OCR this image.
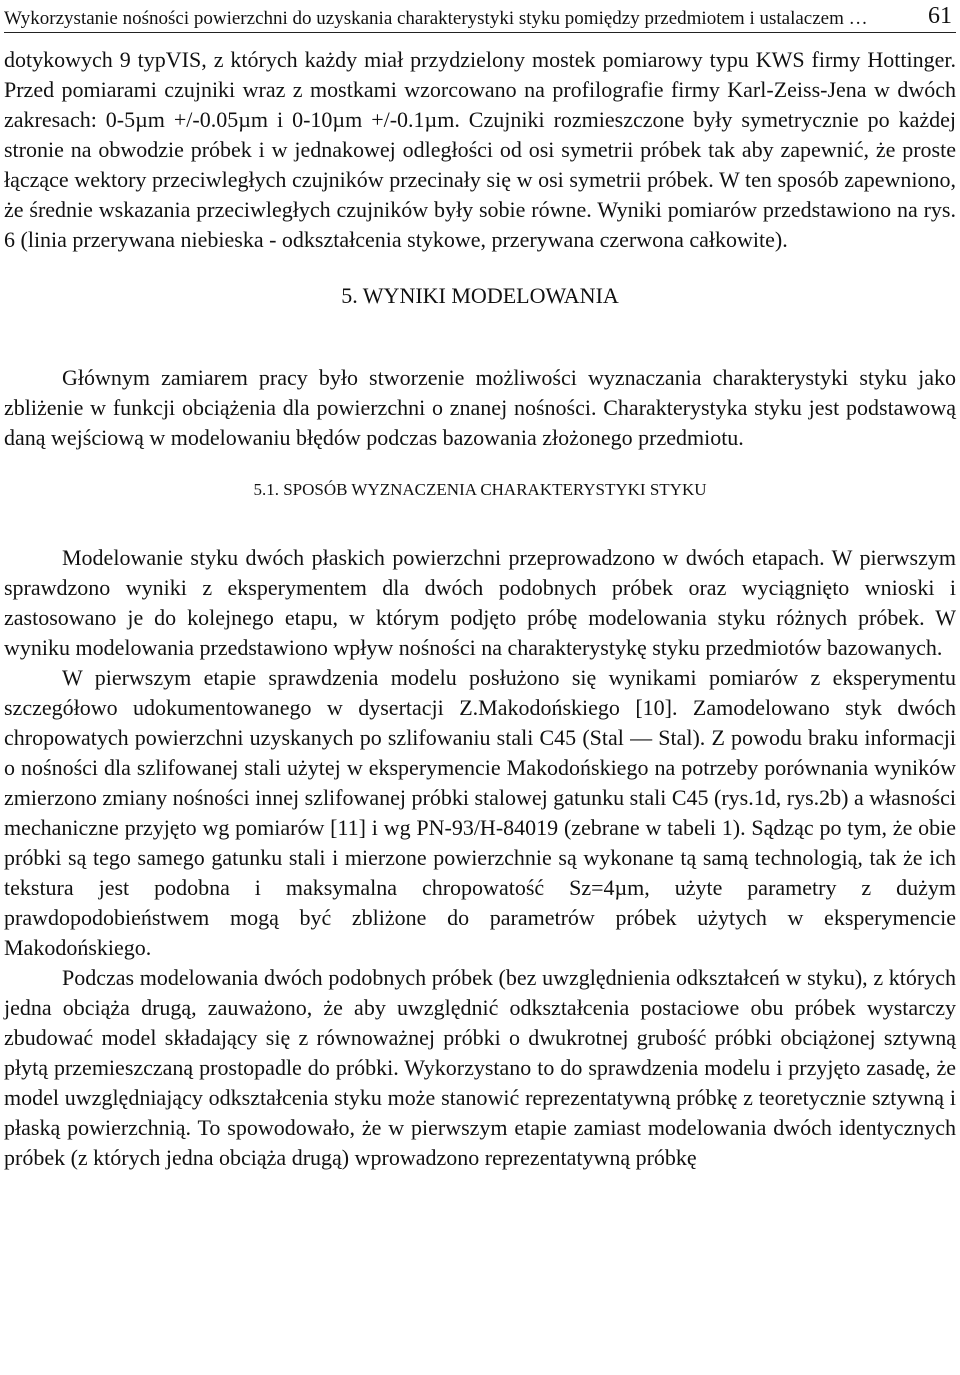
Wykorzystanie nośności powierzchni do uzyskania charakterystyki styku pomiędzy przedmiotem i ustalaczem …	61

dotykowych 9 typVIS, z których każdy miał przydzielony mostek pomiarowy typu KWS firmy Hottinger. Przed pomiarami czujniki wraz z mostkami wzorcowano na profilografie firmy Karl-Zeiss-Jena w dwóch zakresach: 0-5µm +/-0.05µm i 0-10µm +/-0.1µm. Czujniki rozmieszczone były symetrycznie po każdej stronie na obwodzie próbek i w jednakowej odległości od osi symetrii próbek tak aby zapewnić, że proste łączące wektory przeciwległych czujników przecinały się w osi symetrii próbek. W ten sposób zapewniono, że średnie wskazania przeciwległych czujników były sobie równe. Wyniki pomiarów przedstawiono na rys. 6 (linia przerywana niebieska - odkształcenia stykowe, przerywana czerwona całkowite).

5. WYNIKI MODELOWANIA

Głównym zamiarem pracy było stworzenie możliwości wyznaczania charakterystyki styku jako zbliżenie w funkcji obciążenia dla powierzchni o znanej nośności. Charakterystyka styku jest podstawową daną wejściową w modelowaniu błędów podczas bazowania złożonego przedmiotu.

5.1. SPOSÓB WYZNACZENIA CHARAKTERYSTYKI STYKU

Modelowanie styku dwóch płaskich powierzchni przeprowadzono w dwóch etapach. W pierwszym sprawdzono wyniki z eksperymentem dla dwóch podobnych próbek oraz wyciągnięto wnioski i zastosowano je do kolejnego etapu, w którym podjęto próbę modelowania styku różnych próbek. W wyniku modelowania przedstawiono wpływ nośności na charakterystykę styku przedmiotów bazowanych.

W pierwszym etapie sprawdzenia modelu posłużono się wynikami pomiarów z eksperymentu szczegółowo udokumentowanego w dysertacji Z.Makodońskiego [10]. Zamodelowano styk dwóch chropowatych powierzchni uzyskanych po szlifowaniu stali C45 (Stal — Stal). Z powodu braku informacji o nośności dla szlifowanej stali użytej w eksperymencie Makodońskiego na potrzeby porównania wyników zmierzono zmiany nośności innej szlifowanej próbki stalowej gatunku stali C45 (rys.1d, rys.2b) a własności mechaniczne przyjęto wg pomiarów [11] i wg PN-93/H-84019 (zebrane w tabeli 1). Sądząc po tym, że obie próbki są tego samego gatunku stali i mierzone powierzchnie są wykonane tą samą technologią, tak że ich tekstura jest podobna i maksymalna chropowatość Sz=4µm, użyte parametry z dużym prawdopodobieństwem mogą być zbliżone do parametrów próbek użytych w eksperymencie Makodońskiego.

Podczas modelowania dwóch podobnych próbek (bez uwzględnienia odkształceń w styku), z których jedna obciąża drugą, zauważono, że aby uwzględnić odkształcenia postaciowe obu próbek wystarczy zbudować model składający się z równoważnej próbki o dwukrotnej grubość próbki obciążonej sztywną płytą przemieszczaną prostopadle do próbki. Wykorzystano to do sprawdzenia modelu i przyjęto zasadę, że model uwzględniający odkształcenia styku może stanowić reprezentatywną próbkę z teoretycznie sztywną i płaską powierzchnią. To spowodowało, że w pierwszym etapie zamiast modelowania dwóch identycznych próbek (z których jedna obciąża drugą) wprowadzono reprezentatywną próbkę
